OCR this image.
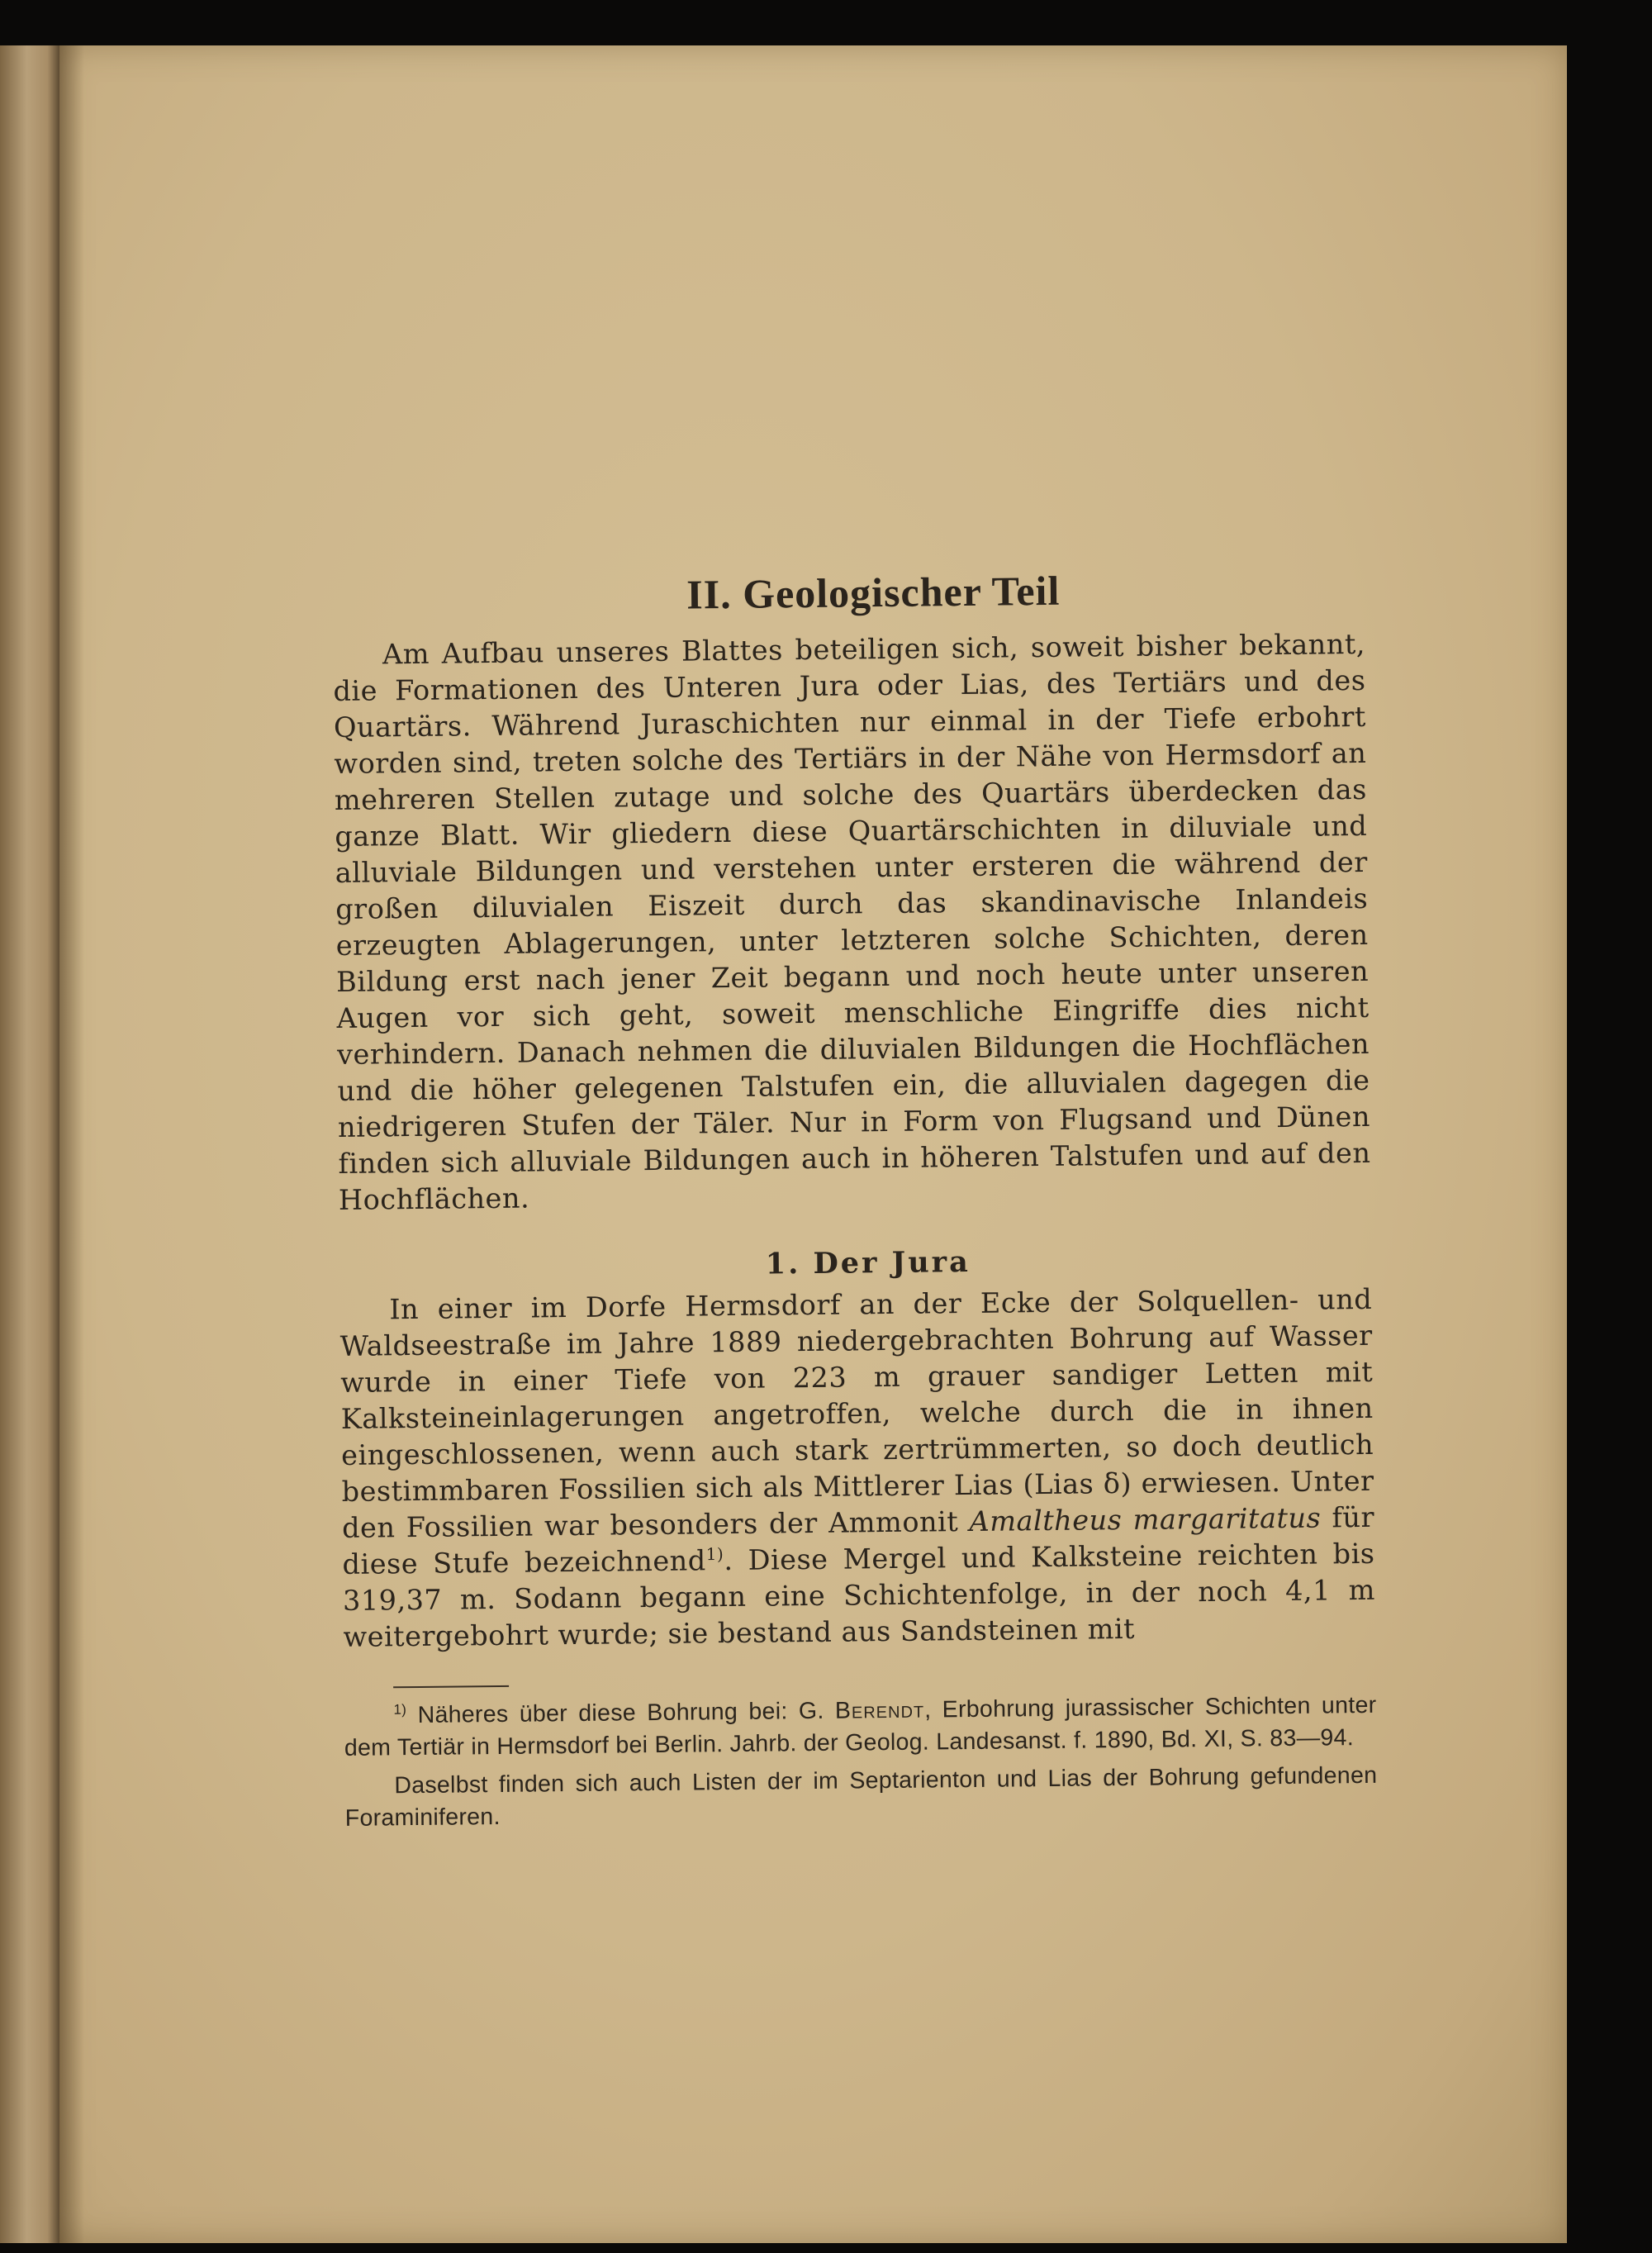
II. Geologischer Teil

Am Aufbau unseres Blattes beteiligen sich, soweit bisher bekannt, die Formationen des Unteren Jura oder Lias, des Tertiärs und des Quartärs. Während Juraschichten nur einmal in der Tiefe erbohrt worden sind, treten solche des Tertiärs in der Nähe von Hermsdorf an mehreren Stellen zutage und solche des Quartärs überdecken das ganze Blatt. Wir gliedern diese Quartärschichten in diluviale und alluviale Bildungen und verstehen unter ersteren die während der großen diluvialen Eiszeit durch das skandinavische Inlandeis erzeugten Ablagerungen, unter letzteren solche Schichten, deren Bildung erst nach jener Zeit begann und noch heute unter unseren Augen vor sich geht, soweit menschliche Eingriffe dies nicht verhindern. Danach nehmen die diluvialen Bildungen die Hochflächen und die höher gelegenen Talstufen ein, die alluvialen dagegen die niedrigeren Stufen der Täler. Nur in Form von Flugsand und Dünen finden sich alluviale Bildungen auch in höheren Talstufen und auf den Hochflächen.

1. Der Jura

In einer im Dorfe Hermsdorf an der Ecke der Solquellen- und Waldseestraße im Jahre 1889 niedergebrachten Bohrung auf Wasser wurde in einer Tiefe von 223 m grauer sandiger Letten mit Kalksteineinlagerungen angetroffen, welche durch die in ihnen eingeschlossenen, wenn auch stark zertrümmerten, so doch deutlich bestimmbaren Fossilien sich als Mittlerer Lias (Lias δ) erwiesen. Unter den Fossilien war besonders der Ammonit Amaltheus margaritatus für diese Stufe bezeichnend$^{1)}$. Diese Mergel und Kalksteine reichten bis 319,37 m. Sodann begann eine Schichtenfolge, in der noch 4,1 m weitergebohrt wurde; sie bestand aus Sandsteinen mit

$^{1)}$ Näheres über diese Bohrung bei: G. Berendt, Erbohrung jurassischer Schichten unter dem Tertiär in Hermsdorf bei Berlin. Jahrb. der Geolog. Landesanst. f. 1890, Bd. XI, S. 83—94.

Daselbst finden sich auch Listen der im Septarienton und Lias der Bohrung gefundenen Foraminiferen.
